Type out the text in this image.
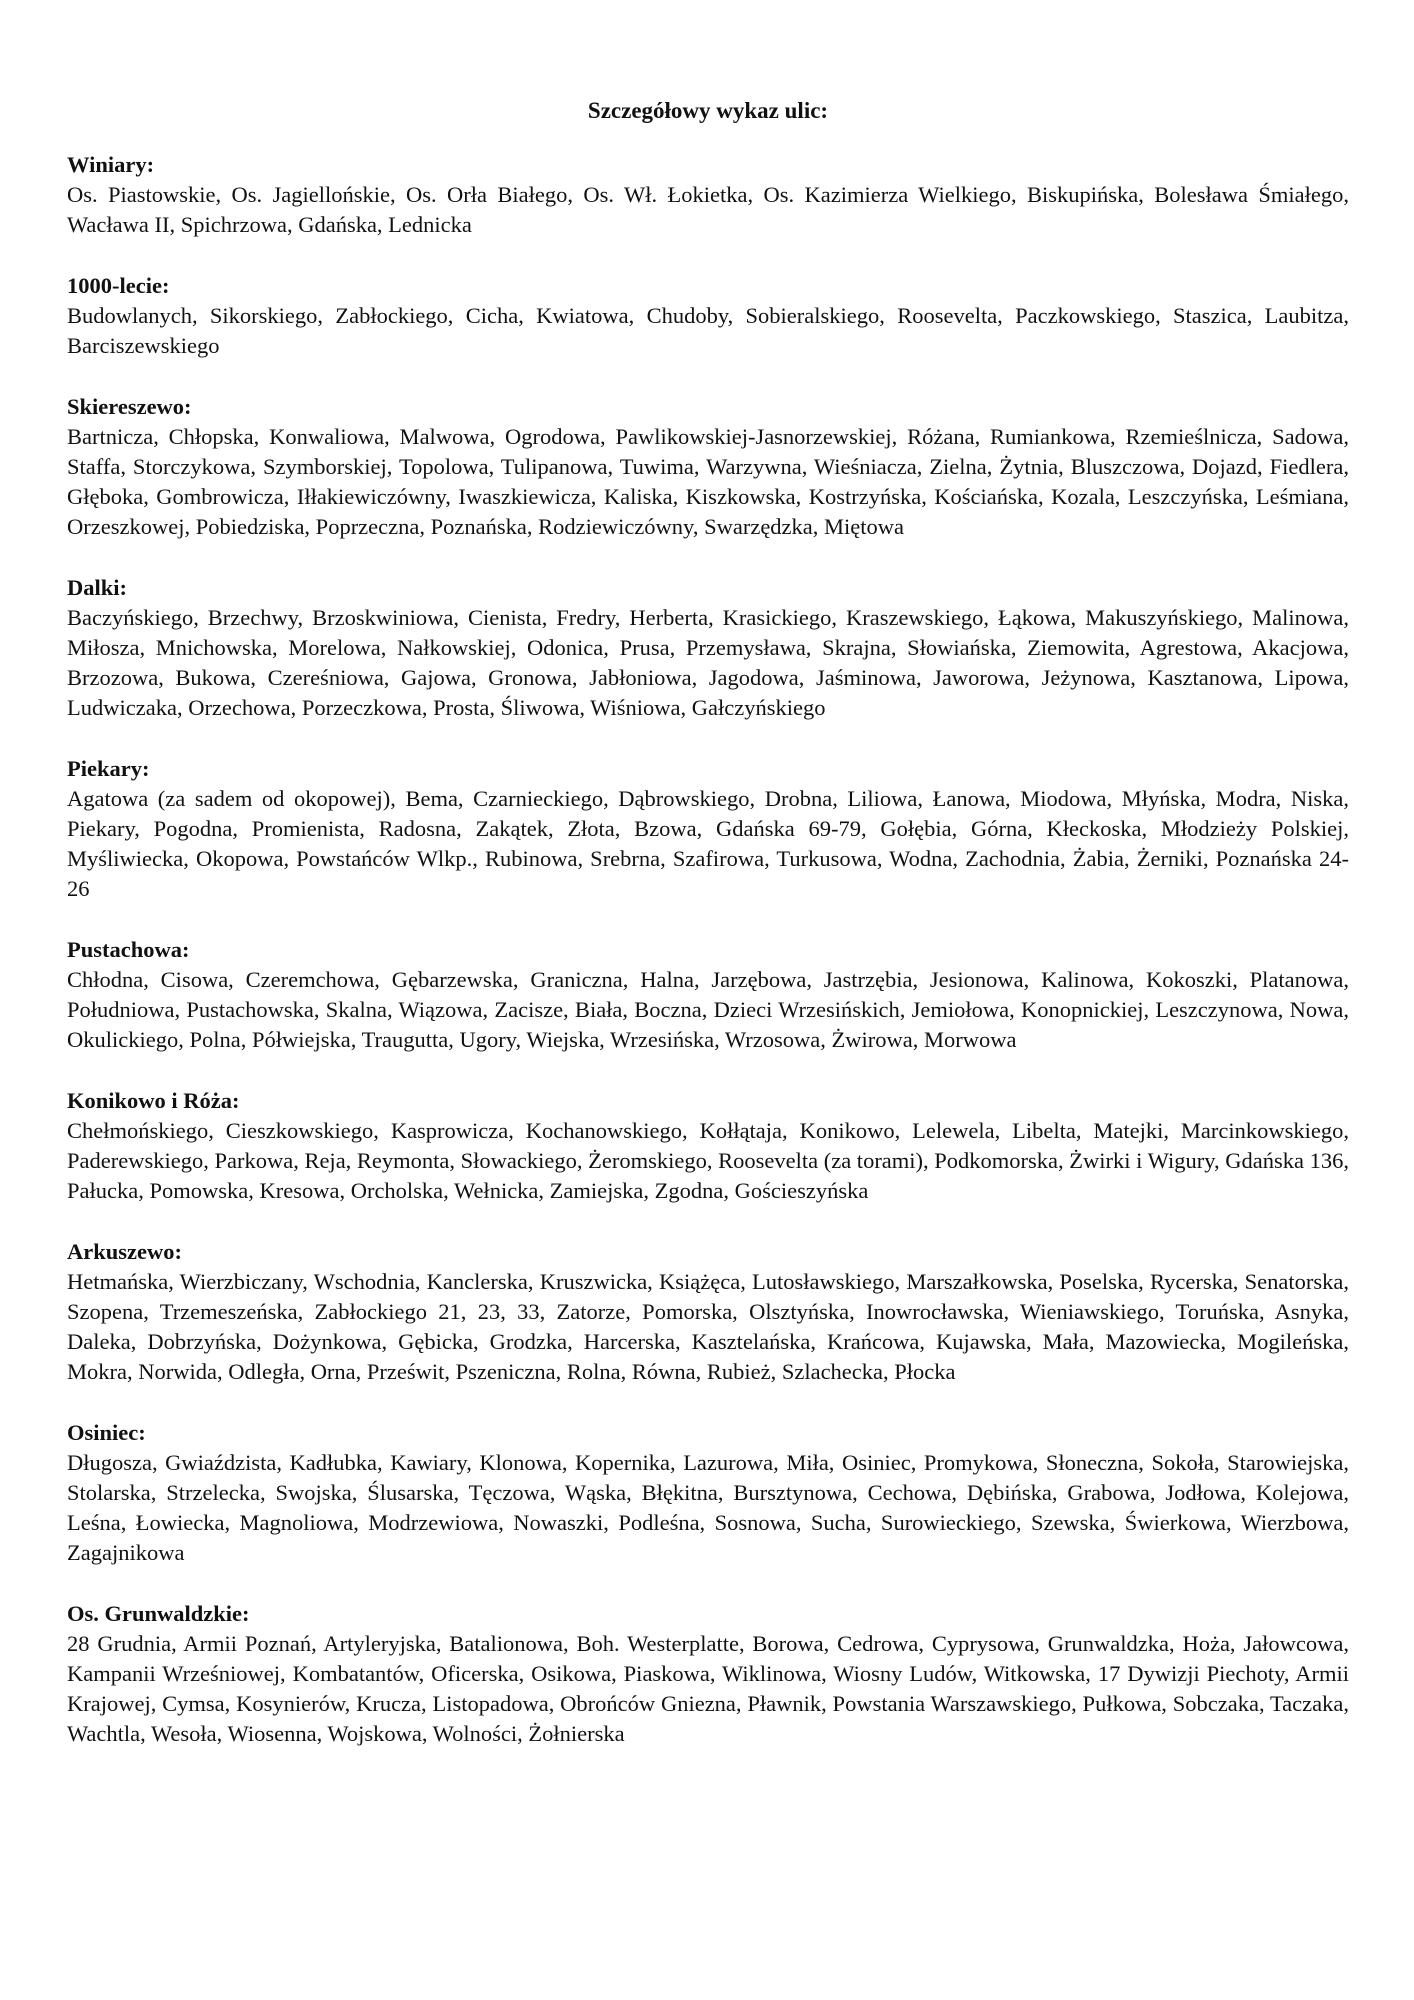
Szczegółowy wykaz ulic:
Winiary:
Os. Piastowskie, Os. Jagiellońskie, Os. Orła Białego, Os. Wł. Łokietka, Os. Kazimierza Wielkiego, Biskupińska, Bolesława Śmiałego, Wacława II, Spichrzowa, Gdańska, Lednicka
1000-lecie:
Budowlanych, Sikorskiego, Zabłockiego, Cicha, Kwiatowa, Chudoby, Sobieralskiego, Roosevelta, Paczkowskiego, Staszica, Laubitza, Barciszewskiego
Skiereszewo:
Bartnicza, Chłopska, Konwaliowa, Malwowa, Ogrodowa, Pawlikowskiej-Jasnorzewskiej, Różana, Rumiankowa, Rzemieślnicza, Sadowa, Staffa, Storczykowa, Szymborskiej, Topolowa, Tulipanowa, Tuwima, Warzywna, Wieśniacza, Zielna, Żytnia, Bluszczowa, Dojazd, Fiedlera, Głęboka, Gombrowicza, Iłłakiewiczówny, Iwaszkiewicza, Kaliska, Kiszkowska, Kostrzyńska, Kościańska, Kozala, Leszczyńska, Leśmiana, Orzeszkowej, Pobiedziska, Poprzeczna, Poznańska, Rodziewiczówny, Swarzędzka, Miętowa
Dalki:
Baczyńskiego, Brzechwy, Brzoskwiniowa, Cienista, Fredry, Herberta, Krasickiego, Kraszewskiego, Łąkowa, Makuszyńskiego, Malinowa, Miłosza, Mnichowska, Morelowa, Nałkowskiej, Odonica, Prusa, Przemysława, Skrajna, Słowiańska, Ziemowita, Agrestowa, Akacjowa, Brzozowa, Bukowa, Czereśniowa, Gajowa, Gronowa, Jabłoniowa, Jagodowa, Jaśminowa, Jaworowa, Jeżynowa, Kasztanowa, Lipowa, Ludwiczaka, Orzechowa, Porzeczkowa, Prosta, Śliwowa, Wiśniowa, Gałczyńskiego
Piekary:
Agatowa (za sadem od okopowej), Bema, Czarnieckiego, Dąbrowskiego, Drobna, Liliowa, Łanowa, Miodowa, Młyńska, Modra, Niska, Piekary, Pogodna, Promienista, Radosna, Zakątek, Złota, Bzowa, Gdańska 69-79, Gołębia, Górna, Kłeckoska, Młodzieży Polskiej, Myśliwiecka, Okopowa, Powstańców Wlkp., Rubinowa, Srebrna, Szafirowa, Turkusowa, Wodna, Zachodnia, Żabia, Żerniki, Poznańska 24-26
Pustachowa:
Chłodna, Cisowa, Czeremchowa, Gębarzewska, Graniczna, Halna, Jarzębowa, Jastrzębia, Jesionowa, Kalinowa, Kokoszki, Platanowa, Południowa, Pustachowska, Skalna, Wiązowa, Zacisze, Biała, Boczna, Dzieci Wrzesińskich, Jemiołowa, Konopnickiej, Leszczynowa, Nowa, Okulickiego, Polna, Półwiejska, Traugutta, Ugory, Wiejska, Wrzesińska, Wrzosowa, Żwirowa, Morwowa
Konikowo i Róża:
Chełmońskiego, Cieszkowskiego, Kasprowicza, Kochanowskiego, Kołłątaja, Konikowo, Lelewela, Libelta, Matejki, Marcinkowskiego, Paderewskiego, Parkowa, Reja, Reymonta, Słowackiego, Żeromskiego, Roosevelta (za torami), Podkomorska, Żwirki i Wigury, Gdańska 136, Pałucka, Pomowska, Kresowa, Orcholska, Wełnicka, Zamiejska, Zgodna, Gościeszyńska
Arkuszewo:
Hetmańska, Wierzbiczany, Wschodnia, Kanclerska, Kruszwicka, Książęca, Lutosławskiego, Marszałkowska, Poselska, Rycerska, Senatorska, Szopena, Trzemeszeńska, Zabłockiego 21, 23, 33, Zatorze, Pomorska, Olsztyńska, Inowrocławska, Wieniawskiego, Toruńska, Asnyka, Daleka, Dobrzyńska, Dożynkowa, Gębicka, Grodzka, Harcerska, Kasztelańska, Krańcowa, Kujawska, Mała, Mazowiecka, Mogileńska, Mokra, Norwida, Odległa, Orna, Prześwit, Pszeniczna, Rolna, Równa, Rubież, Szlachecka, Płocka
Osiniec:
Długosza, Gwiaździsta, Kadłubka, Kawiary, Klonowa, Kopernika, Lazurowa, Miła, Osiniec, Promykowa, Słoneczna, Sokoła, Starowiejska, Stolarska, Strzelecka, Swojska, Ślusarska, Tęczowa, Wąska, Błękitna, Bursztynowa, Cechowa, Dębińska, Grabowa, Jodłowa, Kolejowa, Leśna, Łowiecka, Magnoliowa, Modrzewiowa, Nowaszki, Podleśna, Sosnowa, Sucha, Surowieckiego, Szewska, Świerkowa, Wierzbowa, Zagajnikowa
Os. Grunwaldzkie:
28 Grudnia, Armii Poznań, Artyleryjska, Batalionowa, Boh. Westerplatte, Borowa, Cedrowa, Cyprysowa, Grunwaldzka, Hoża, Jałowcowa, Kampanii Wrześniowej, Kombatantów, Oficerska, Osikowa, Piaskowa, Wiklinowa, Wiosny Ludów, Witkowska, 17 Dywizji Piechoty, Armii Krajowej, Cymsa, Kosynierów, Krucza, Listopadowa, Obrońców Gniezna, Pławnik, Powstania Warszawskiego, Pułkowa, Sobczaka, Taczaka, Wachtla, Wesoła, Wiosenna, Wojskowa, Wolności, Żołnierska
